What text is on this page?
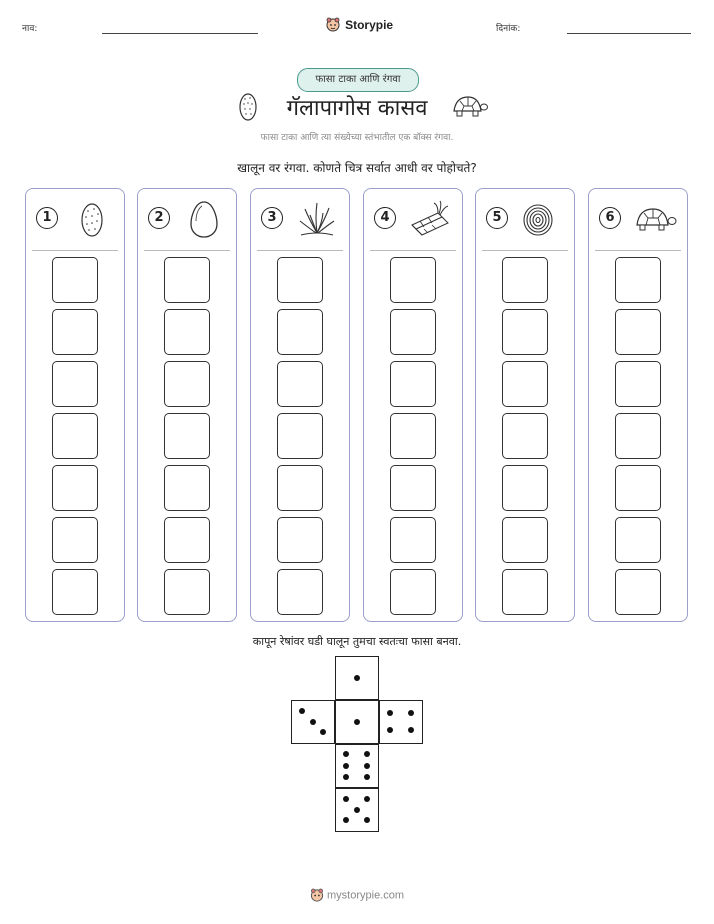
नाव:	Storypie	दिनांक:
फासा टाका आणि रंगवा
गॅलापागोस कासव
फासा टाका आणि त्या संख्येच्या स्तंभातील एक बॉक्स रंगवा.
खालून वर रंगवा. कोणते चित्र सर्वात आधी वर पोहोचते?
1	2	3	4	5	6
कापून रेषांवर घडी घालून तुमचा स्वतःचा फासा बनवा.
mystorypie.com
